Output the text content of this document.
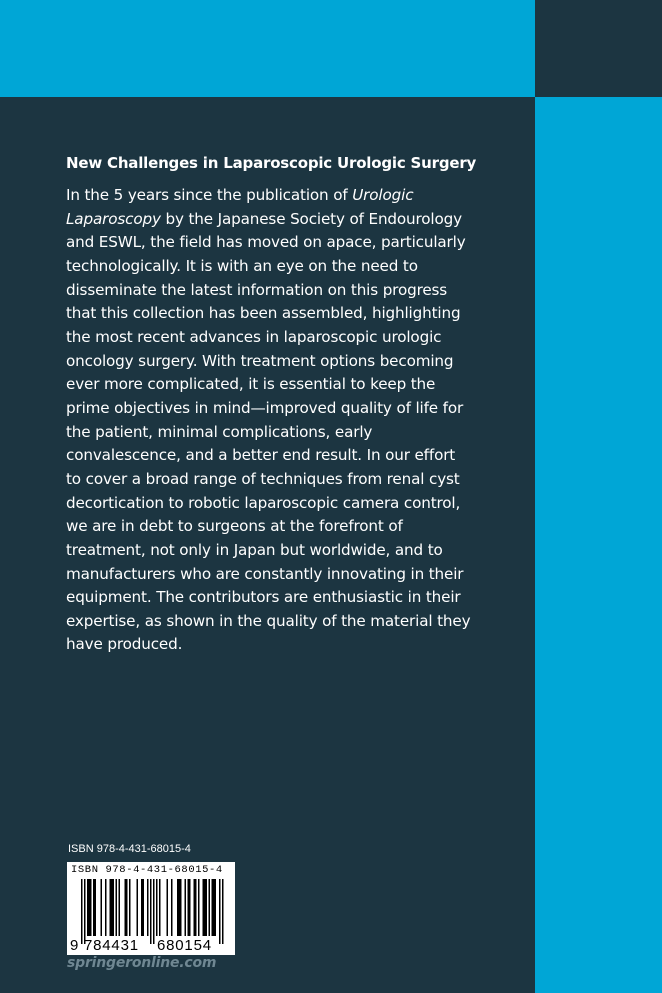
New Challenges in Laparoscopic Urologic Surgery

In the 5 years since the publication of Urologic Laparoscopy by the Japanese Society of Endourology and ESWL, the field has moved on apace, particularly technologically. It is with an eye on the need to disseminate the latest information on this progress that this collection has been assembled, highlighting the most recent advances in laparoscopic urologic oncology surgery. With treatment options becoming ever more complicated, it is essential to keep the prime objectives in mind—improved quality of life for the patient, minimal complications, early convalescence, and a better end result. In our effort to cover a broad range of techniques from renal cyst decortication to robotic laparoscopic camera control, we are in debt to surgeons at the forefront of treatment, not only in Japan but worldwide, and to manufacturers who are constantly innovating in their equipment. The contributors are enthusiastic in their expertise, as shown in the quality of the material they have produced.

ISBN 978-4-431-68015-4
ISBN 978-4-431-68015-4
9 784431 680154
springeronline.com
